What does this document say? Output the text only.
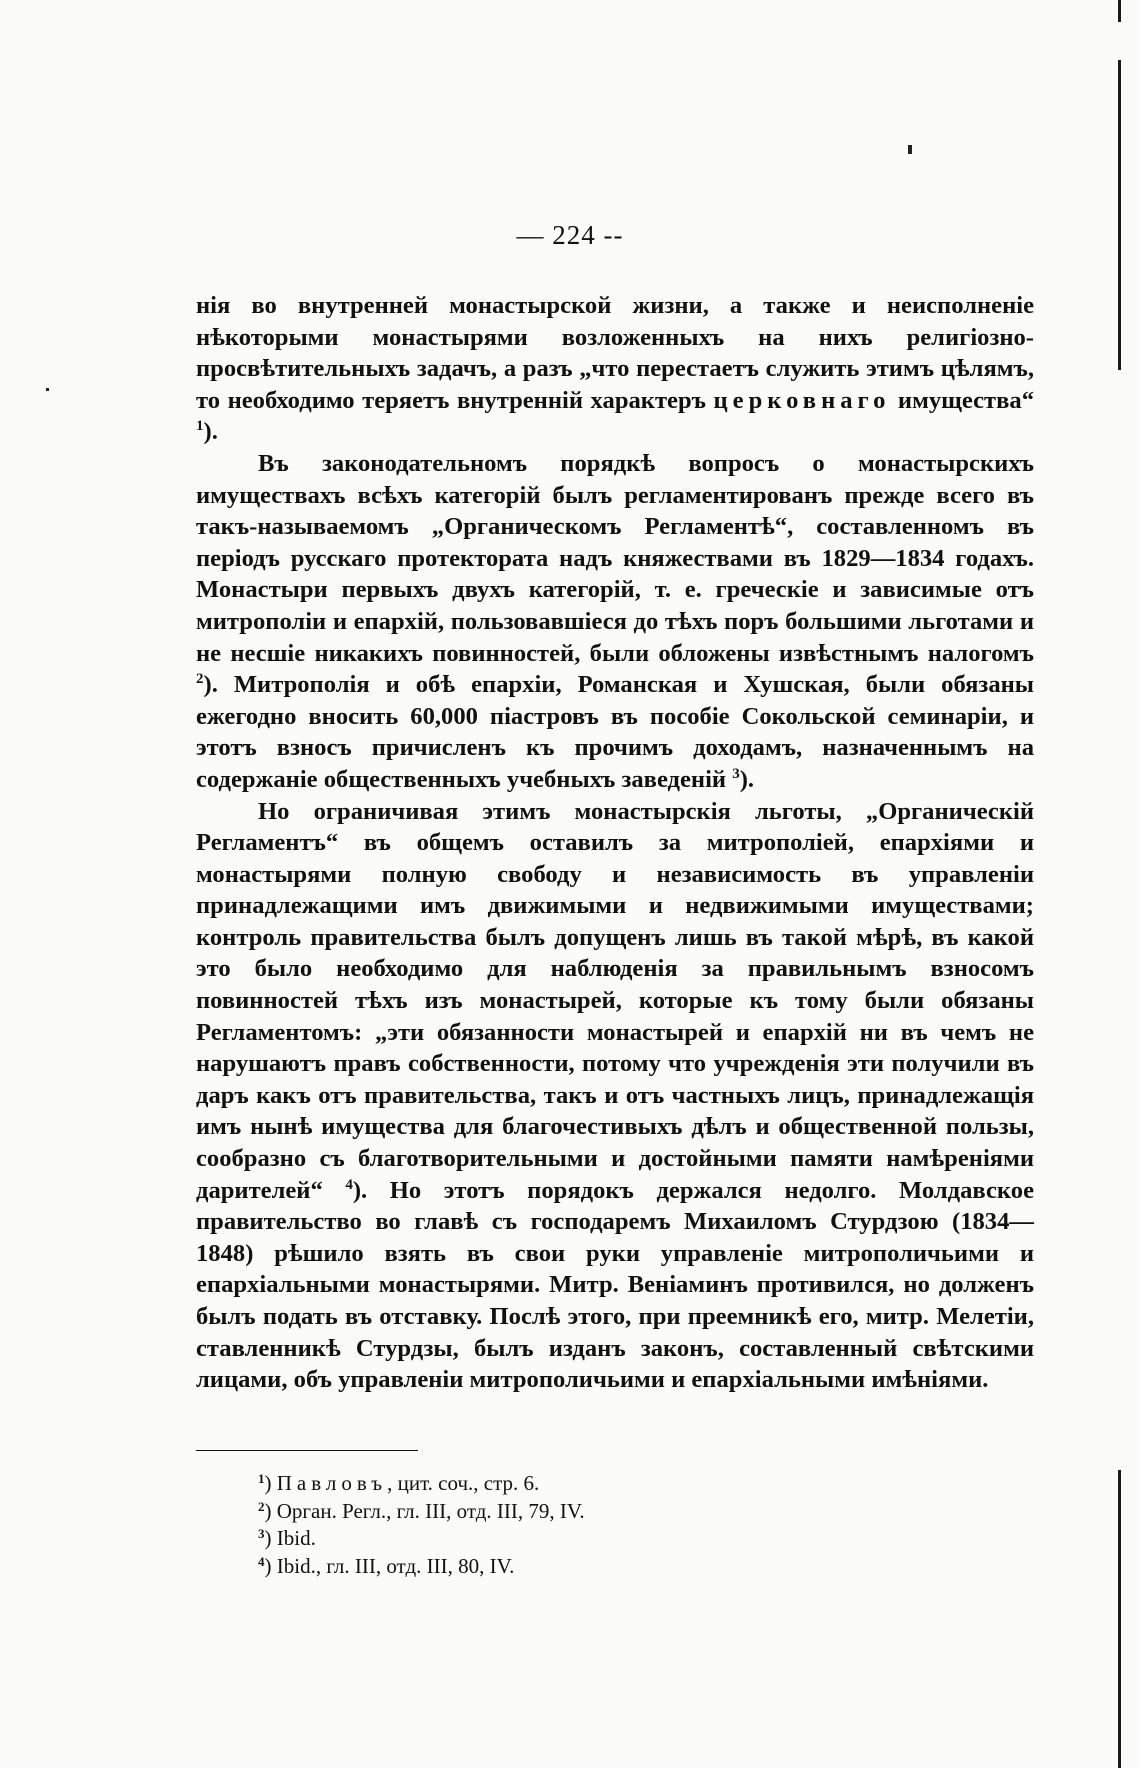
— 224 --

нія во внутренней монастырской жизни, а также и неисполненіе нѣкоторыми монастырями возложенныхъ на нихъ религіозно-просвѣтительныхъ задачъ, а разъ „что перестаетъ служить этимъ цѣлямъ, то необходимо теряетъ внутренній характеръ церковнаго имущества“ $^1$).

Въ законодательномъ порядкѣ вопросъ о монастырскихъ имуществахъ всѣхъ категорій былъ регламентированъ прежде всего въ такъ-называемомъ „Органическомъ Регламентѣ“, составленномъ въ періодъ русскаго протектората надъ княжествами въ 1829—1834 годахъ. Монастыри первыхъ двухъ категорій, т. е. греческіе и зависимые отъ митрополіи и епархій, пользовавшіеся до тѣхъ поръ большими льготами и не несшіе никакихъ повинностей, были обложены извѣстнымъ налогомъ $^2$). Митрополія и обѣ епархіи, Романская и Хушская, были обязаны ежегодно вносить 60,000 піастровъ въ пособіе Сокольской семинаріи, и этотъ взносъ причисленъ къ прочимъ доходамъ, назначеннымъ на содержаніе общественныхъ учебныхъ заведеній $^3$).

Но ограничивая этимъ монастырскія льготы, „Органическій Регламентъ“ въ общемъ оставилъ за митрополіей, епархіями и монастырями полную свободу и независимость въ управленіи принадлежащими имъ движимыми и недвижимыми имуществами; контроль правительства былъ допущенъ лишь въ такой мѣрѣ, въ какой это было необходимо для наблюденія за правильнымъ взносомъ повинностей тѣхъ изъ монастырей, которые къ тому были обязаны Регламентомъ: „эти обязанности монастырей и епархій ни въ чемъ не нарушаютъ правъ собственности, потому что учрежденія эти получили въ даръ какъ отъ правительства, такъ и отъ частныхъ лицъ, принадлежащія имъ нынѣ имущества для благочестивыхъ дѣлъ и общественной пользы, сообразно съ благотворительными и достойными памяти намѣреніями дарителей“ $^4$). Но этотъ порядокъ держался недолго. Молдавское правительство во главѣ съ господаремъ Михаиломъ Стурдзою (1834—1848) рѣшило взять въ свои руки управленіе митрополичьими и епархіальными монастырями. Митр. Веніаминъ противился, но долженъ былъ подать въ отставку. Послѣ этого, при преемникѣ его, митр. Мелетіи, ставленникѣ Стурдзы, былъ изданъ законъ, составленный свѣтскими лицами, объ управленіи митрополичьими и епархіальными имѣніями.

$^1$) Павловъ, цит. соч., стр. 6.
$^2$) Орган. Регл., гл. III, отд. III, 79, IV.
$^3$) Ibid.
$^4$) Ibid., гл. III, отд. III, 80, IV.
